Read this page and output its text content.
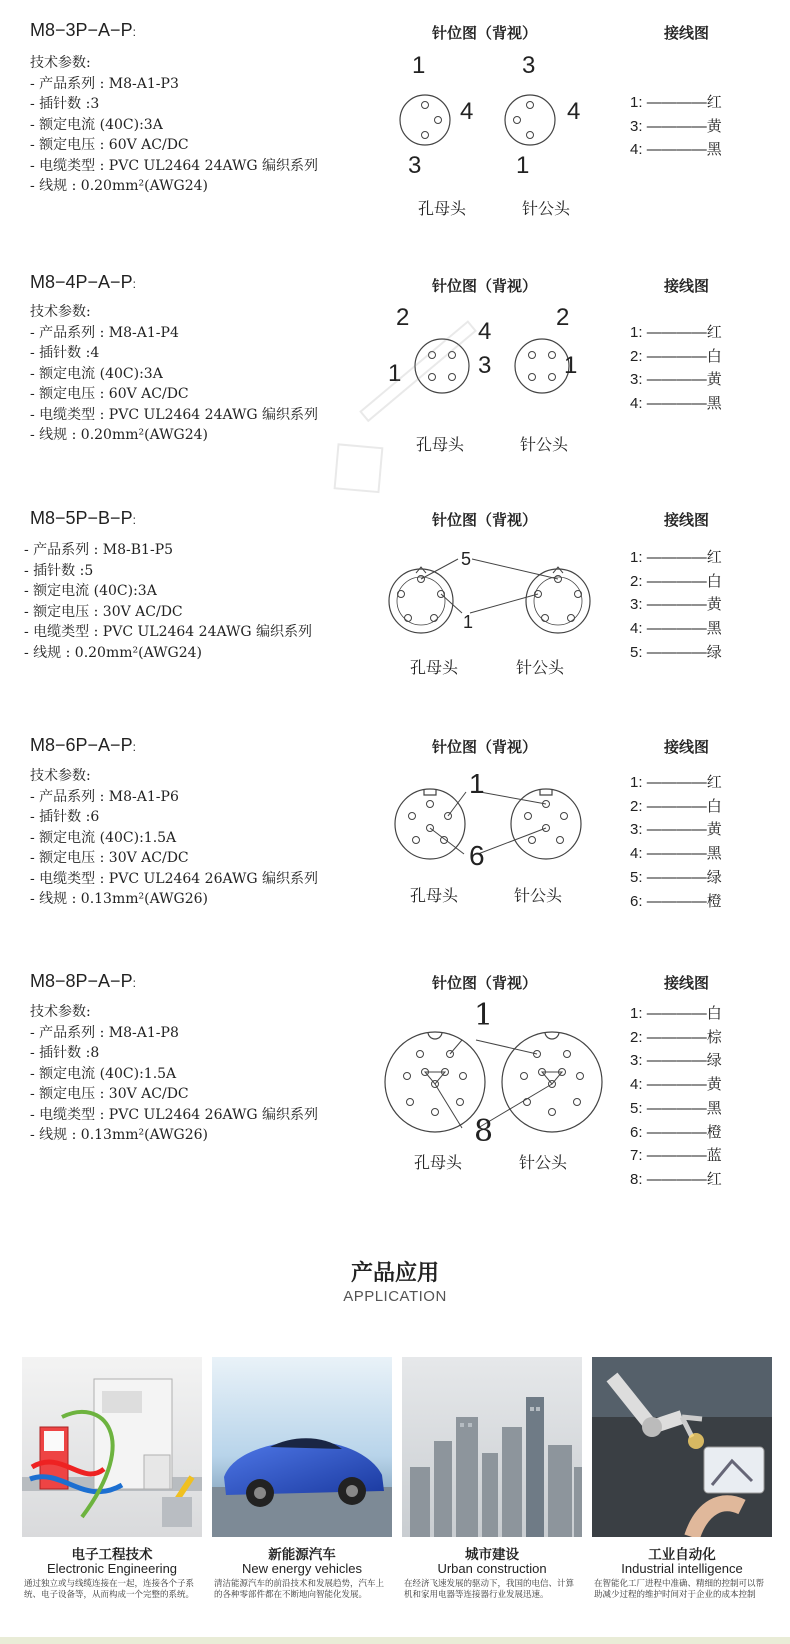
M8−3P−A−P:
技术参数:
- 产品系列 : M8-A1-P3
- 插针数 :3
- 额定电流 (40C):3A
- 额定电压 : 60V AC/DC
- 电缆类型 : PVC UL2464 24AWG 编织系列
- 线规 : 0.20mm²(AWG24)
针位图（背视）	接线图
1
4
3
3
4
1
孔母头	针公头
1: ————红
3: ————黄
4: ————黑
M8−4P−A−P:
技术参数:
- 产品系列 : M8-A1-P4
- 插针数 :4
- 额定电流 (40C):3A
- 额定电压 : 60V AC/DC
- 电缆类型 : PVC UL2464 24AWG 编织系列
- 线规 : 0.20mm²(AWG24)
针位图（背视）	接线图
2
1
4
3
2
1
孔母头	针公头
1: ————红
2: ————白
3: ————黄
4: ————黑
M8−5P−B−P:
- 产品系列 : M8-B1-P5
- 插针数 :5
- 额定电流 (40C):3A
- 额定电压 : 30V AC/DC
- 电缆类型 : PVC UL2464 24AWG 编织系列
- 线规 : 0.20mm²(AWG24)
针位图（背视）	接线图
5
1
孔母头	针公头
1: ————红
2: ————白
3: ————黄
4: ————黑
5: ————绿
M8−6P−A−P:
技术参数:
- 产品系列 : M8-A1-P6
- 插针数 :6
- 额定电流 (40C):1.5A
- 额定电压 : 30V AC/DC
- 电缆类型 : PVC UL2464 26AWG 编织系列
- 线规 : 0.13mm²(AWG26)
针位图（背视）	接线图
1
6
孔母头	针公头
1: ————红
2: ————白
3: ————黄
4: ————黑
5: ————绿
6: ————橙
M8−8P−A−P:
技术参数:
- 产品系列 : M8-A1-P8
- 插针数 :8
- 额定电流 (40C):1.5A
- 额定电压 : 30V AC/DC
- 电缆类型 : PVC UL2464 26AWG 编织系列
- 线规 : 0.13mm²(AWG26)
针位图（背视）	接线图
1
8
孔母头	针公头
1: ————白
2: ————棕
3: ————绿
4: ————黄
5: ————黑
6: ————橙
7: ————蓝
8: ————红
产品应用
APPLICATION
电子工程技术
Electronic Engineering
通过独立或与线缆连接在一起，连接各个子系统、电子设备等，从而构成一个完整的系统。
新能源汽车
New energy vehicles
清洁能源汽车的前沿技术和发展趋势，汽车上的各种零部件都在不断地向智能化发展。
城市建设
Urban construction
在经济飞速发展的驱动下，我国的电信、计算机和家用电器等连接器行业发展迅速。
工业自动化
Industrial intelligence
在智能化工厂进程中准确、精细的控制可以帮助减少过程的维护时间对于企业的成本控制
